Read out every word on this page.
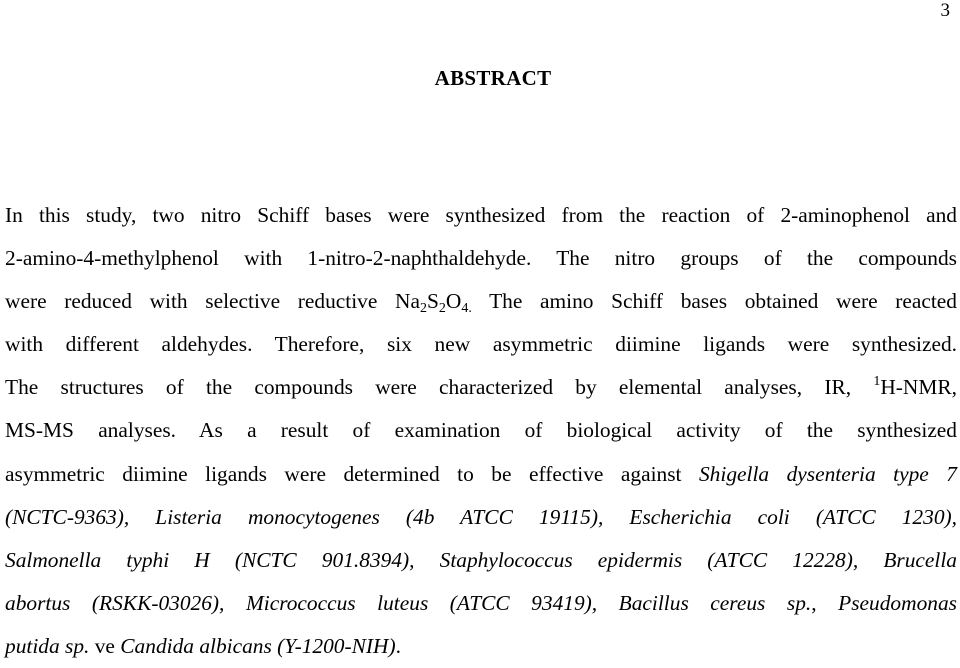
3
ABSTRACT
In this study, two nitro Schiff bases were synthesized from the reaction of 2-aminophenol and
2-amino-4-methylphenol with 1-nitro-2-naphthaldehyde. The nitro groups of the compounds
were reduced with selective reductive Na2S2O4. The amino Schiff bases obtained were reacted
with different aldehydes. Therefore, six new asymmetric diimine ligands were synthesized.
The structures of the compounds were characterized by elemental analyses, IR, $^1$H-NMR,
MS-MS analyses. As a result of examination of biological activity of the synthesized
asymmetric diimine ligands were determined to be effective against Shigella dysenteria type 7
(NCTC-9363), Listeria monocytogenes (4b ATCC 19115), Escherichia coli (ATCC 1230),
Salmonella typhi H (NCTC 901.8394), Staphylococcus epidermis (ATCC 12228), Brucella
abortus (RSKK-03026), Micrococcus luteus (ATCC 93419), Bacillus cereus sp., Pseudomonas
putida sp. ve Candida albicans (Y-1200-NIH).
